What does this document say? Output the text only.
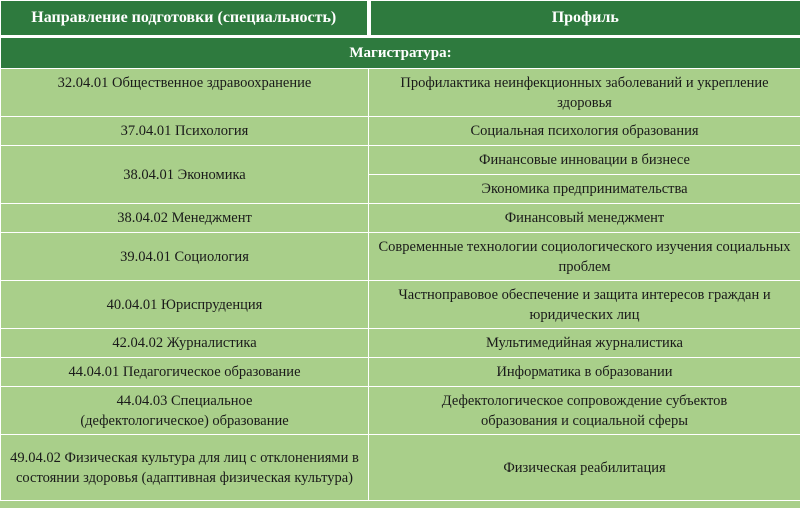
Направление подготовки (специальность)	Профиль
Магистратура:	
32.04.01 Общественное здравоохранение	Профилактика неинфекционных заболеваний и укрепление здоровья
37.04.01 Психология	Социальная психология образования
38.04.01 Экономика	Финансовые инновации в бизнесе
	Экономика предпринимательства
38.04.02 Менеджмент	Финансовый менеджмент
39.04.01 Социология	Современные технологии социологического изучения социальных проблем
40.04.01 Юриспруденция	Частноправовое обеспечение и защита интересов граждан и юридических лиц
42.04.02 Журналистика	Мультимедийная журналистика
44.04.01 Педагогическое образование	Информатика в образовании
44.04.03 Специальное (дефектологическое) образование	Дефектологическое сопровождение субъектов образования и социальной сферы
49.04.02 Физическая культура для лиц с отклонениями в состоянии здоровья (адаптивная физическая культура)	Физическая реабилитация
